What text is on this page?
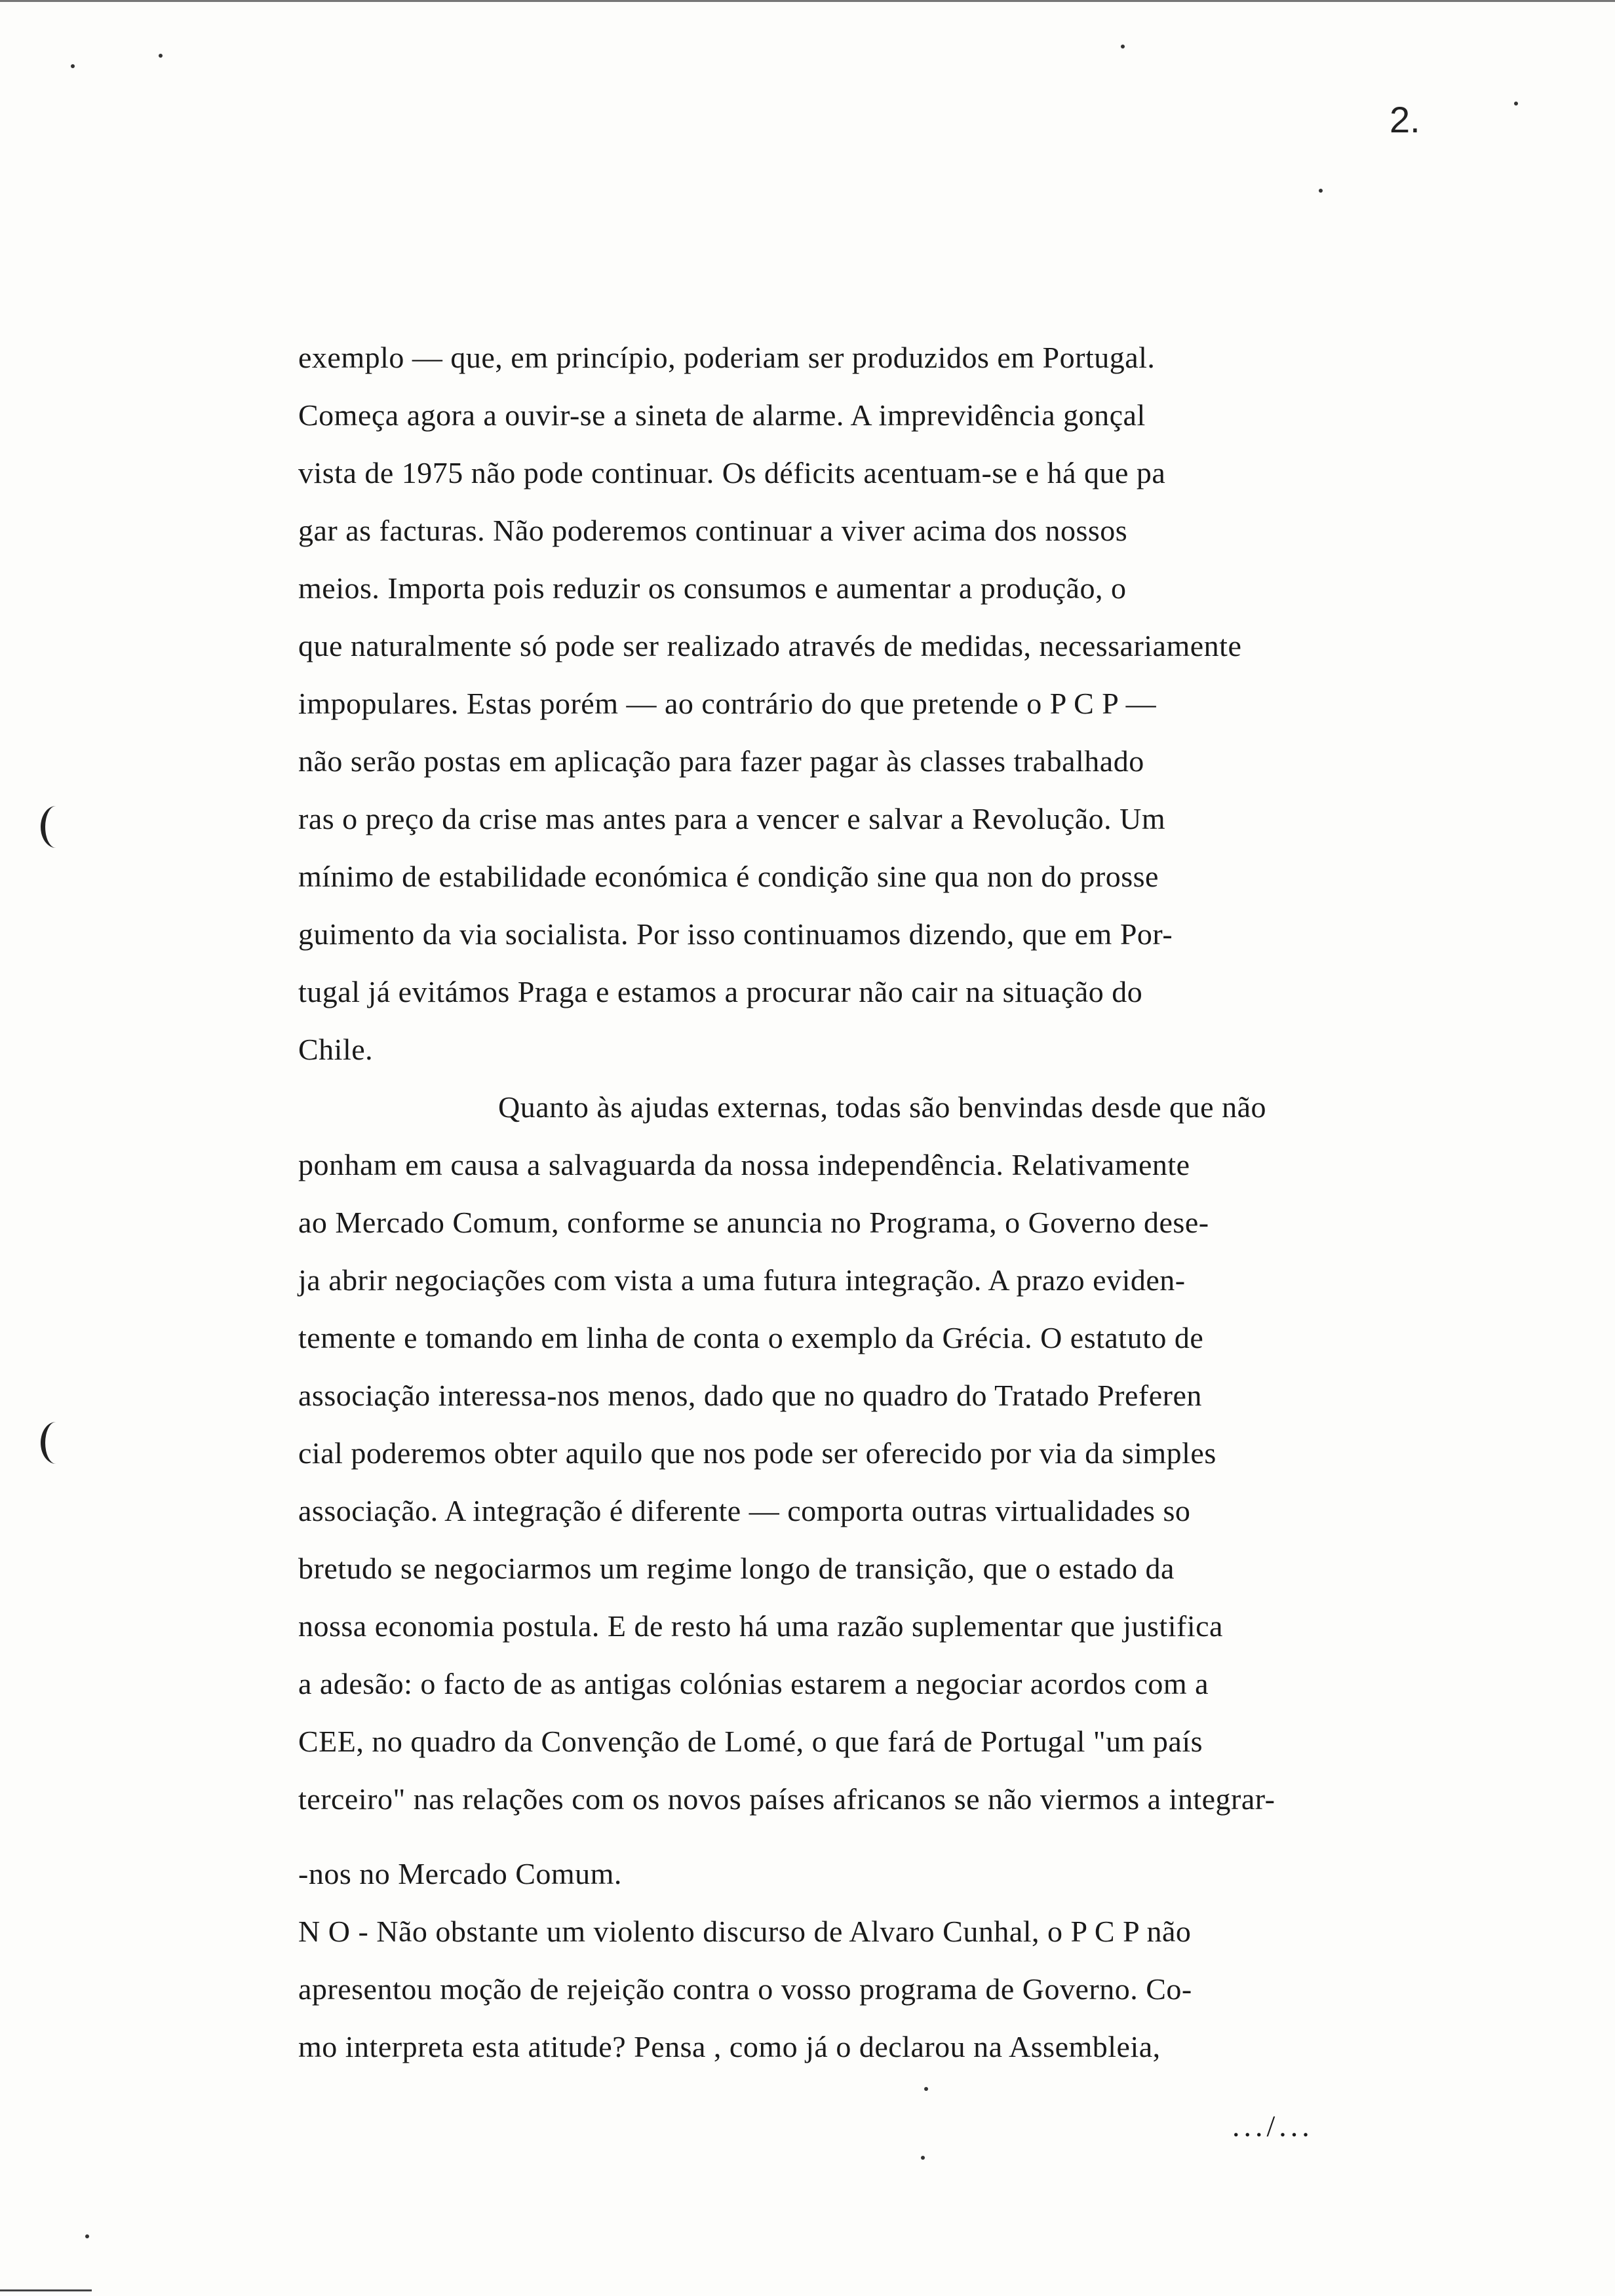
2.
exemplo — que, em princípio, poderiam ser produzidos em Portugal.
Começa agora a ouvir-se a sineta de alarme. A imprevidência gonçal
vista de 1975 não pode continuar. Os déficits acentuam-se e há que pa
gar as facturas. Não poderemos continuar a viver acima dos nossos
meios. Importa pois reduzir os consumos e aumentar a produção, o
que naturalmente só pode ser realizado através de medidas, necessariamente
impopulares. Estas porém — ao contrário do que pretende o P C P —
não serão postas em aplicação para fazer pagar às classes trabalhado
ras o preço da crise mas antes para a vencer e salvar a Revolução. Um
mínimo de estabilidade económica é condição sine qua non do prosse
guimento da via socialista. Por isso continuamos dizendo, que em Por-
tugal já evitámos Praga e estamos a procurar não cair na situação do
Chile.
Quanto às ajudas externas, todas são benvindas desde que não
ponham em causa a salvaguarda da nossa independência. Relativamente
ao Mercado Comum, conforme se anuncia no Programa, o Governo dese-
ja abrir negociações com vista a uma futura integração. A prazo eviden-
temente e tomando em linha de conta o exemplo da Grécia. O estatuto de
associação interessa-nos menos, dado que no quadro do Tratado Preferen
cial poderemos obter aquilo que nos pode ser oferecido por via da simples
associação. A integração é diferente — comporta outras virtualidades so
bretudo se negociarmos um regime longo de transição, que o estado da
nossa economia postula. E de resto há uma razão suplementar que justifica
a adesão: o facto de as antigas colónias estarem a negociar acordos com a
CEE, no quadro da Convenção de Lomé, o que fará de Portugal "um país
terceiro" nas relações com os novos países africanos se não viermos a integrar-
-nos no Mercado Comum.
N O - Não obstante um violento discurso de Alvaro Cunhal, o P C P não
apresentou moção de rejeição contra o vosso programa de Governo. Co-
mo interpreta esta atitude? Pensa , como já o declarou na Assembleia,
.../...
